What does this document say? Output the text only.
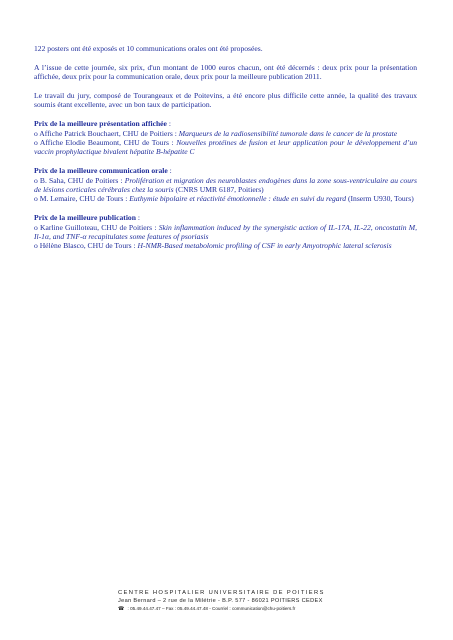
122 posters ont été exposés et 10 communications orales ont été proposées.

A l’issue de cette journée, six prix, d'un montant de 1000 euros chacun, ont été décernés : deux prix pour la présentation affichée, deux prix pour la communication orale, deux prix pour la meilleure publication 2011.

Le travail du jury, composé de Tourangeaux et de Poitevins, a été encore plus difficile cette année, la qualité des travaux soumis étant excellente, avec un bon taux de participation.

Prix de la meilleure présentation affichée :

o Affiche Patrick Bouchaert, CHU de Poitiers : Marqueurs de la radiosensibilité tumorale dans le cancer de la prostate

o Affiche Elodie Beaumont, CHU de Tours : Nouvelles protéines de fusion et leur application pour le développement d’un vaccin prophylactique bivalent hépatite B-hépatite C

Prix de la meilleure communication orale :

o B. Saha, CHU de Poitiers : Prolifération et migration des neuroblastes endogènes dans la zone sous-ventriculaire au cours de lésions corticales cérébrales chez la souris (CNRS UMR 6187, Poitiers)

o M. Lemaire, CHU de Tours : Euthymie bipolaire et réactivité émotionnelle : étude en suivi du regard (Inserm U930, Tours)

Prix de la meilleure publication :

o Karline Guilloteau, CHU de Poitiers : Skin inflammation induced by the synergistic action of IL-17A, IL-22, oncostatin M, Il-1α, and TNF-α recapitulates some features of psoriasis

o Hélène Blasco, CHU de Tours : H-NMR-Based metabolomic profiling of CSF in early Amyotrophic lateral sclerosis

CENTRE HOSPITALIER UNIVERSITAIRE DE POITIERS
Jean Bernard – 2 rue de la Milétrie - B.P. 577 - 86021 POITIERS CEDEX
☎ : 05.49.44.47.47 – Fax : 05.49.44.47.48 - Courriel : communication@chu-poitiers.fr
